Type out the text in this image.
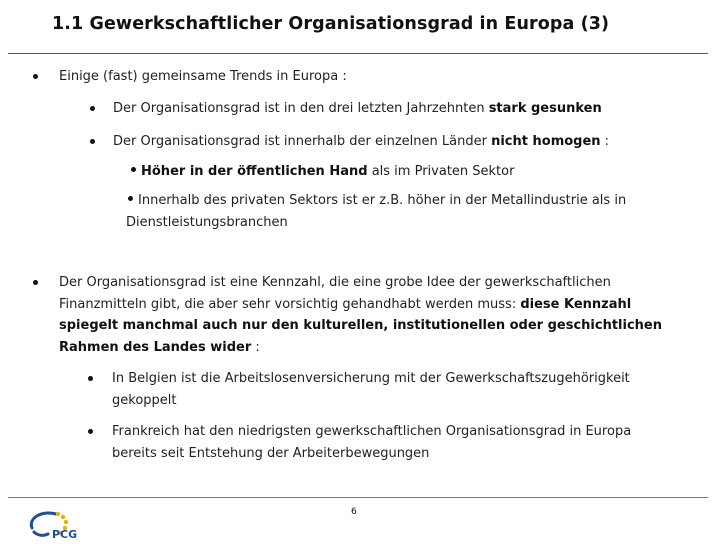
1.1 Gewerkschaftlicher Organisationsgrad in Europa (3)
Einige (fast) gemeinsame Trends in Europa :
Der Organisationsgrad ist in den drei letzten Jahrzehnten stark gesunken
Der Organisationsgrad ist innerhalb der einzelnen Länder nicht homogen :
Höher in der öffentlichen Hand als im Privaten Sektor
Innerhalb des privaten Sektors ist er z.B. höher in der Metallindustrie als in
Dienstleistungsbranchen
Der Organisationsgrad ist eine Kennzahl, die eine grobe Idee der gewerkschaftlichen
Finanzmitteln gibt, die aber sehr vorsichtig gehandhabt werden muss: diese Kennzahl
spiegelt manchmal auch nur den kulturellen, institutionellen oder geschichtlichen
Rahmen des Landes wider :
In Belgien ist die Arbeitslosenversicherung mit der Gewerkschaftszugehörigkeit
gekoppelt
Frankreich hat den niedrigsten gewerkschaftlichen Organisationsgrad in Europa
bereits seit Entstehung der Arbeiterbewegungen
PCG
6
